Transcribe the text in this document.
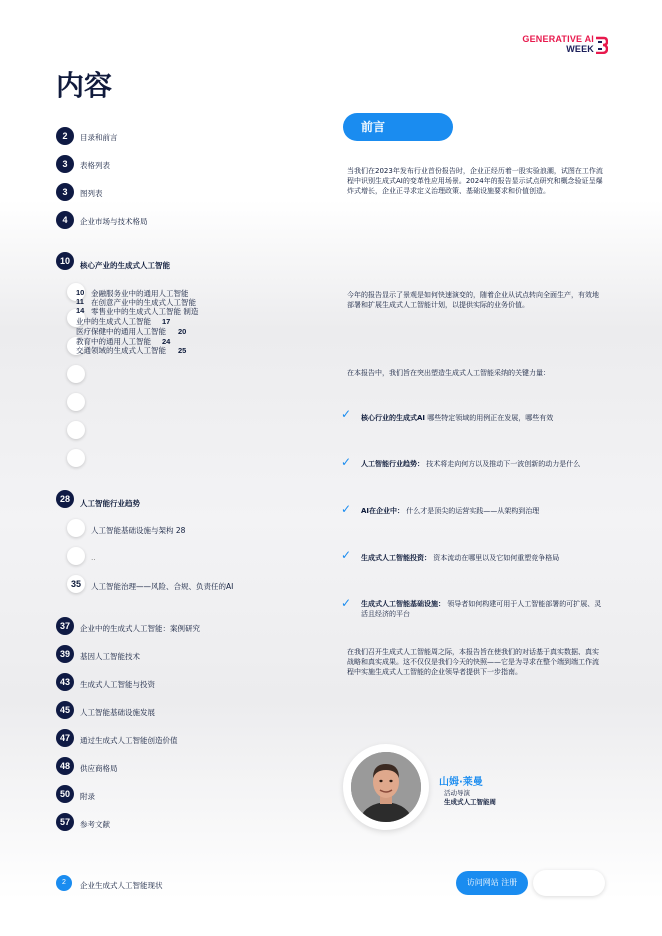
GENERATIVE AI
WEEK
内容
2	目录和前言
3	表格列表
3	图列表
4	企业市场与技术格局
10	核心产业的生成式人工智能
10 金融服务业中的通用人工智能
11 在创意产业中的生成式人工智能
14 零售业中的生成式人工智能 制造
业中的生成式人工智能 17
医疗保健中的通用人工智能 20
教育中的通用人工智能 24
交通领域的生成式人工智能 25
28	人工智能行业趋势
人工智能基础设施与架构 28
..
35	人工智能治理——风险、合规、负责任的AI
37	企业中的生成式人工智能：案例研究
39	基因人工智能技术
43	生成式人工智能与投资
45	人工智能基础设施发展
47	通过生成式人工智能创造价值
48	供应商格局
50	附录
57	参考文献
前言
当我们在2023年发布行业首份报告时，企业正经历着一股实验浪潮，试图在工作流程中识别生成式AI的变革性应用场景。2024年的报告显示试点研究和概念验证呈爆炸式增长，企业正寻求定义治理政策、基础设施要求和价值创造。
今年的报告显示了景观是如何快速演变的，随着企业从试点转向全面生产，有效地部署和扩展生成式人工智能计划，以提供实际的业务价值。
在本报告中，我们旨在突出塑造生成式人工智能采纳的关键力量：
✓ 核心行业的生成式AI 哪些特定领域的用例正在发展，哪些有效
✓ 人工智能行业趋势： 技术将走向何方以及推动下一波创新的动力是什么
✓ AI在企业中： 什么才是顶尖的运营实践——从架构到治理
✓ 生成式人工智能投资： 资本流动在哪里以及它如何重塑竞争格局
✓ 生成式人工智能基础设施： 领导者如何构建可用于人工智能部署的可扩展、灵活且经济的平台
在我们召开生成式人工智能周之际，本报告旨在使我们的对话基于真实数据、真实战略和真实成果。这不仅仅是我们今天的快照——它是为寻求在整个端到端工作流程中实施生成式人工智能的企业领导者提供下一步指南。
山姆·莱曼
活动导演
生成式人工智能周
2	企业生成式人工智能现状	访问网站 注册
